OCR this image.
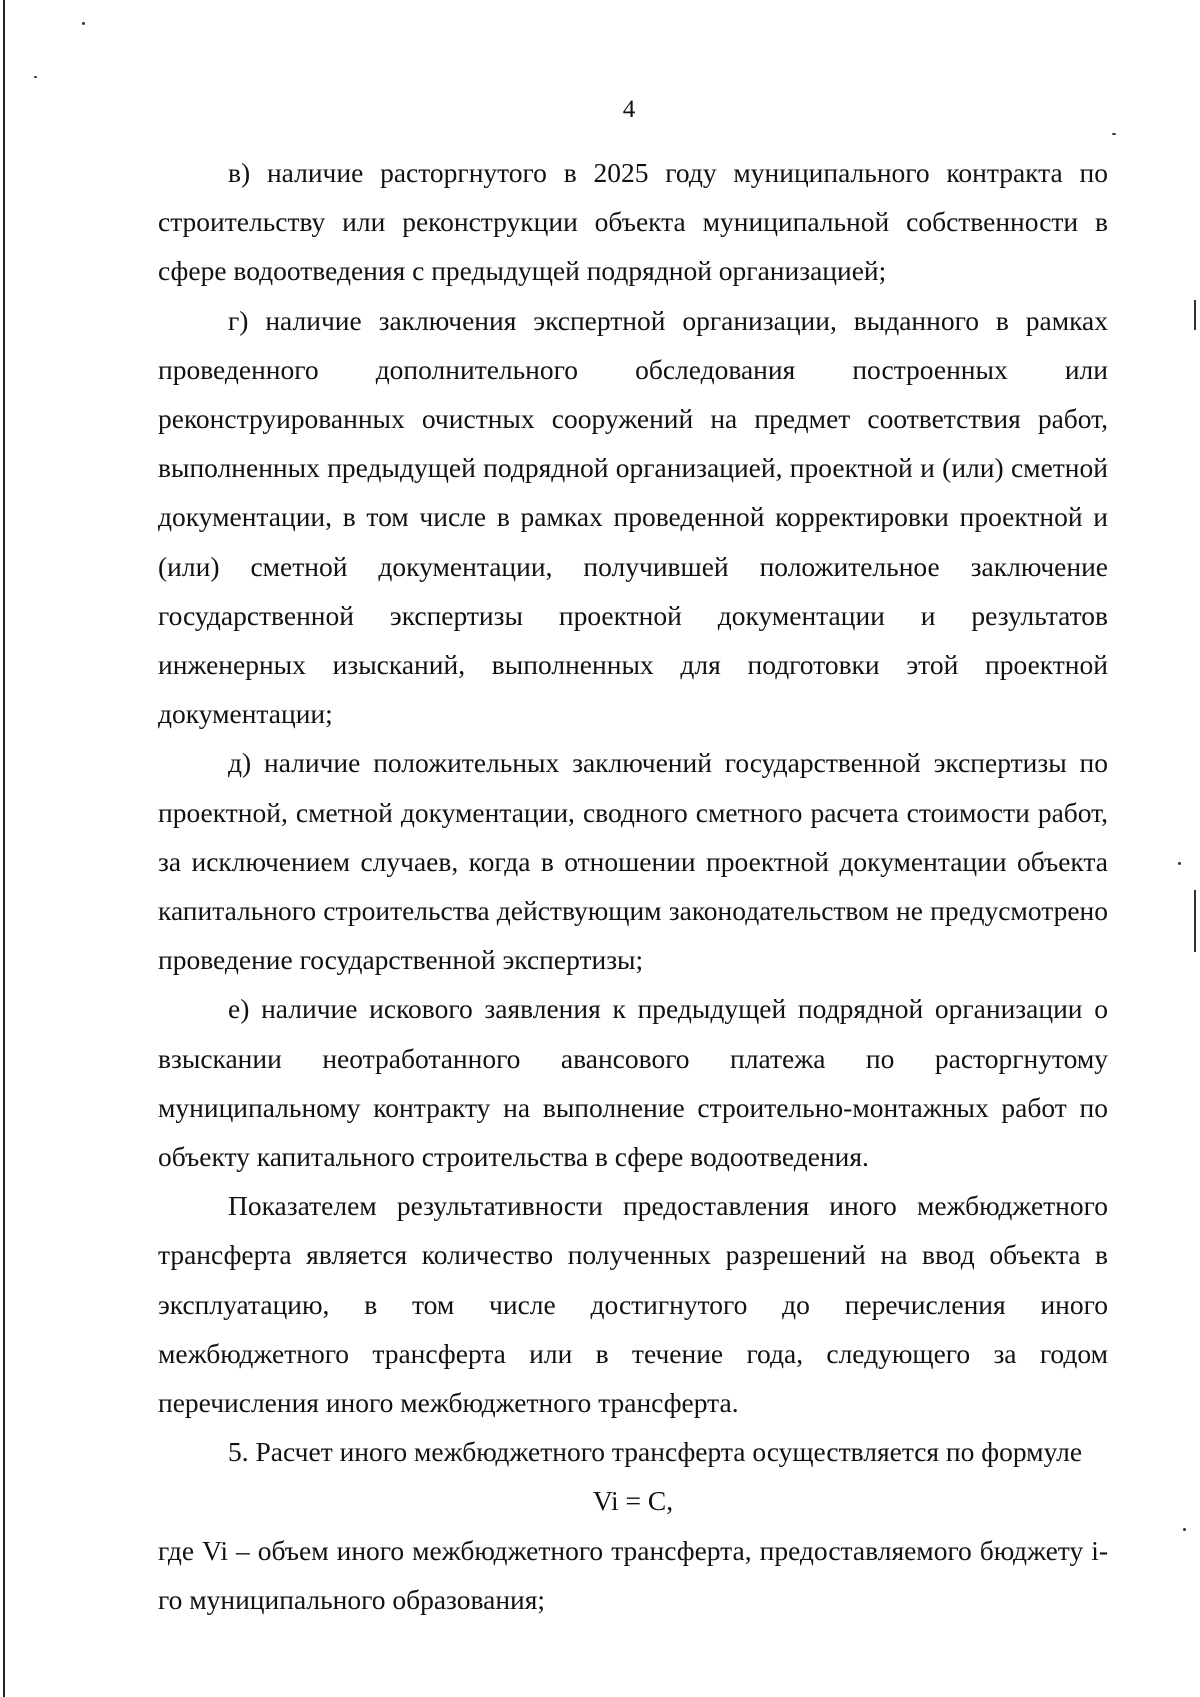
4

в) наличие расторгнутого в 2025 году муниципального контракта по строительству или реконструкции объекта муниципальной собственности в сфере водоотведения с предыдущей подрядной организацией;

г) наличие заключения экспертной организации, выданного в рамках проведенного дополнительного обследования построенных или реконструированных очистных сооружений на предмет соответствия работ, выполненных предыдущей подрядной организацией, проектной и (или) сметной документации, в том числе в рамках проведенной корректировки проектной и (или) сметной документации, получившей положительное заключение государственной экспертизы проектной документации и результатов инженерных изысканий, выполненных для подготовки этой проектной документации;

д) наличие положительных заключений государственной экспертизы по проектной, сметной документации, сводного сметного расчета стоимости работ, за исключением случаев, когда в отношении проектной документации объекта капитального строительства действующим законодательством не предусмотрено проведение государственной экспертизы;

е) наличие искового заявления к предыдущей подрядной организации о взыскании неотработанного авансового платежа по расторгнутому муниципальному контракту на выполнение строительно-монтажных работ по объекту капитального строительства в сфере водоотведения.

Показателем результативности предоставления иного межбюджетного трансферта является количество полученных разрешений на ввод объекта в эксплуатацию, в том числе достигнутого до перечисления иного межбюджетного трансферта или в течение года, следующего за годом перечисления иного межбюджетного трансферта.

5. Расчет иного межбюджетного трансферта осуществляется по формуле

Vi = C,

где Vi – объем иного межбюджетного трансферта, предоставляемого бюджету i-го муниципального образования;
